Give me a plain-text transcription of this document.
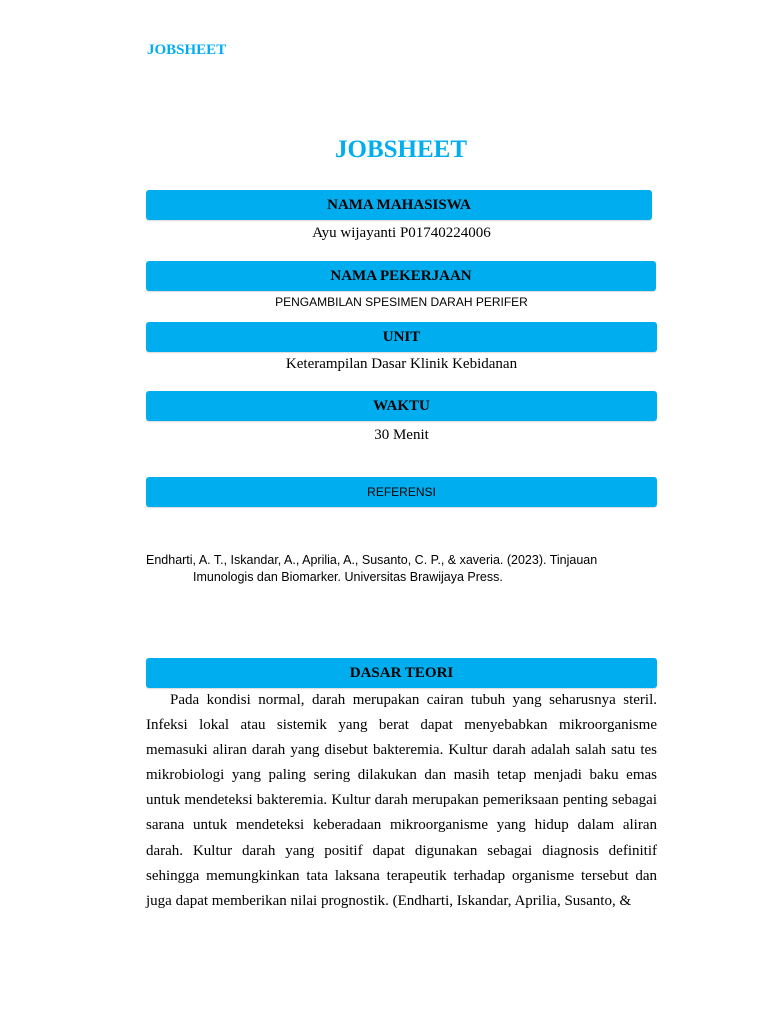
JOBSHEET
JOBSHEET
NAMA MAHASISWA
Ayu wijayanti P01740224006
NAMA PEKERJAAN
PENGAMBILAN SPESIMEN DARAH PERIFER
UNIT
Keterampilan Dasar Klinik Kebidanan
WAKTU
30 Menit
REFERENSI
Endharti, A. T., Iskandar, A., Aprilia, A., Susanto, C. P., & xaveria. (2023). Tinjauan Imunologis dan Biomarker. Universitas Brawijaya Press.
DASAR TEORI

Pada kondisi normal, darah merupakan cairan tubuh yang seharusnya steril. Infeksi lokal atau sistemik yang berat dapat menyebabkan mikroorganisme memasuki aliran darah yang disebut bakteremia. Kultur darah adalah salah satu tes mikrobiologi yang paling sering dilakukan dan masih tetap menjadi baku emas untuk mendeteksi bakteremia. Kultur darah merupakan pemeriksaan penting sebagai sarana untuk mendeteksi keberadaan mikroorganisme yang hidup dalam aliran darah. Kultur darah yang positif dapat digunakan sebagai diagnosis definitif sehingga memungkinkan tata laksana terapeutik terhadap organisme tersebut dan juga dapat memberikan nilai prognostik. (Endharti, Iskandar, Aprilia, Susanto, &
